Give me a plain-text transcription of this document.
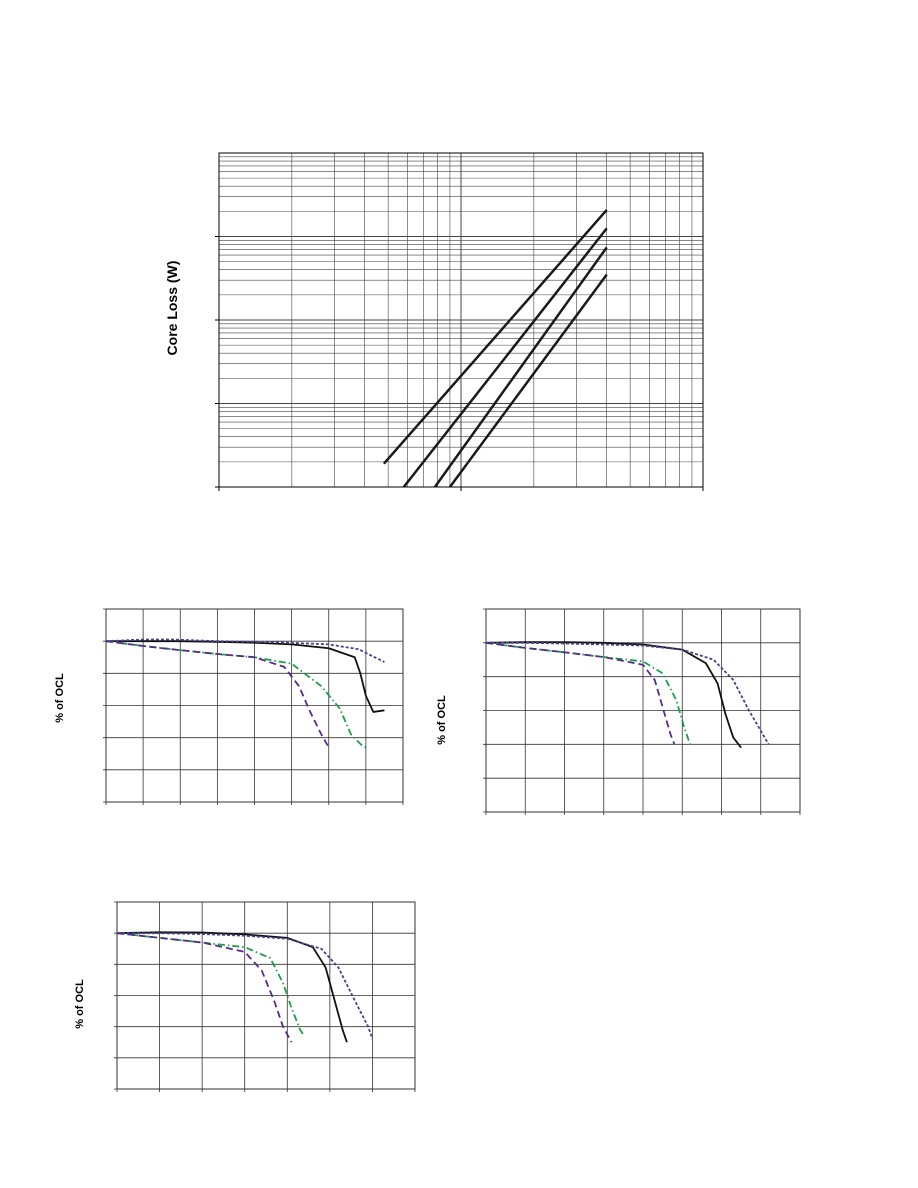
Core Loss (W)
% of OCL	% of OCL
% of OCL
